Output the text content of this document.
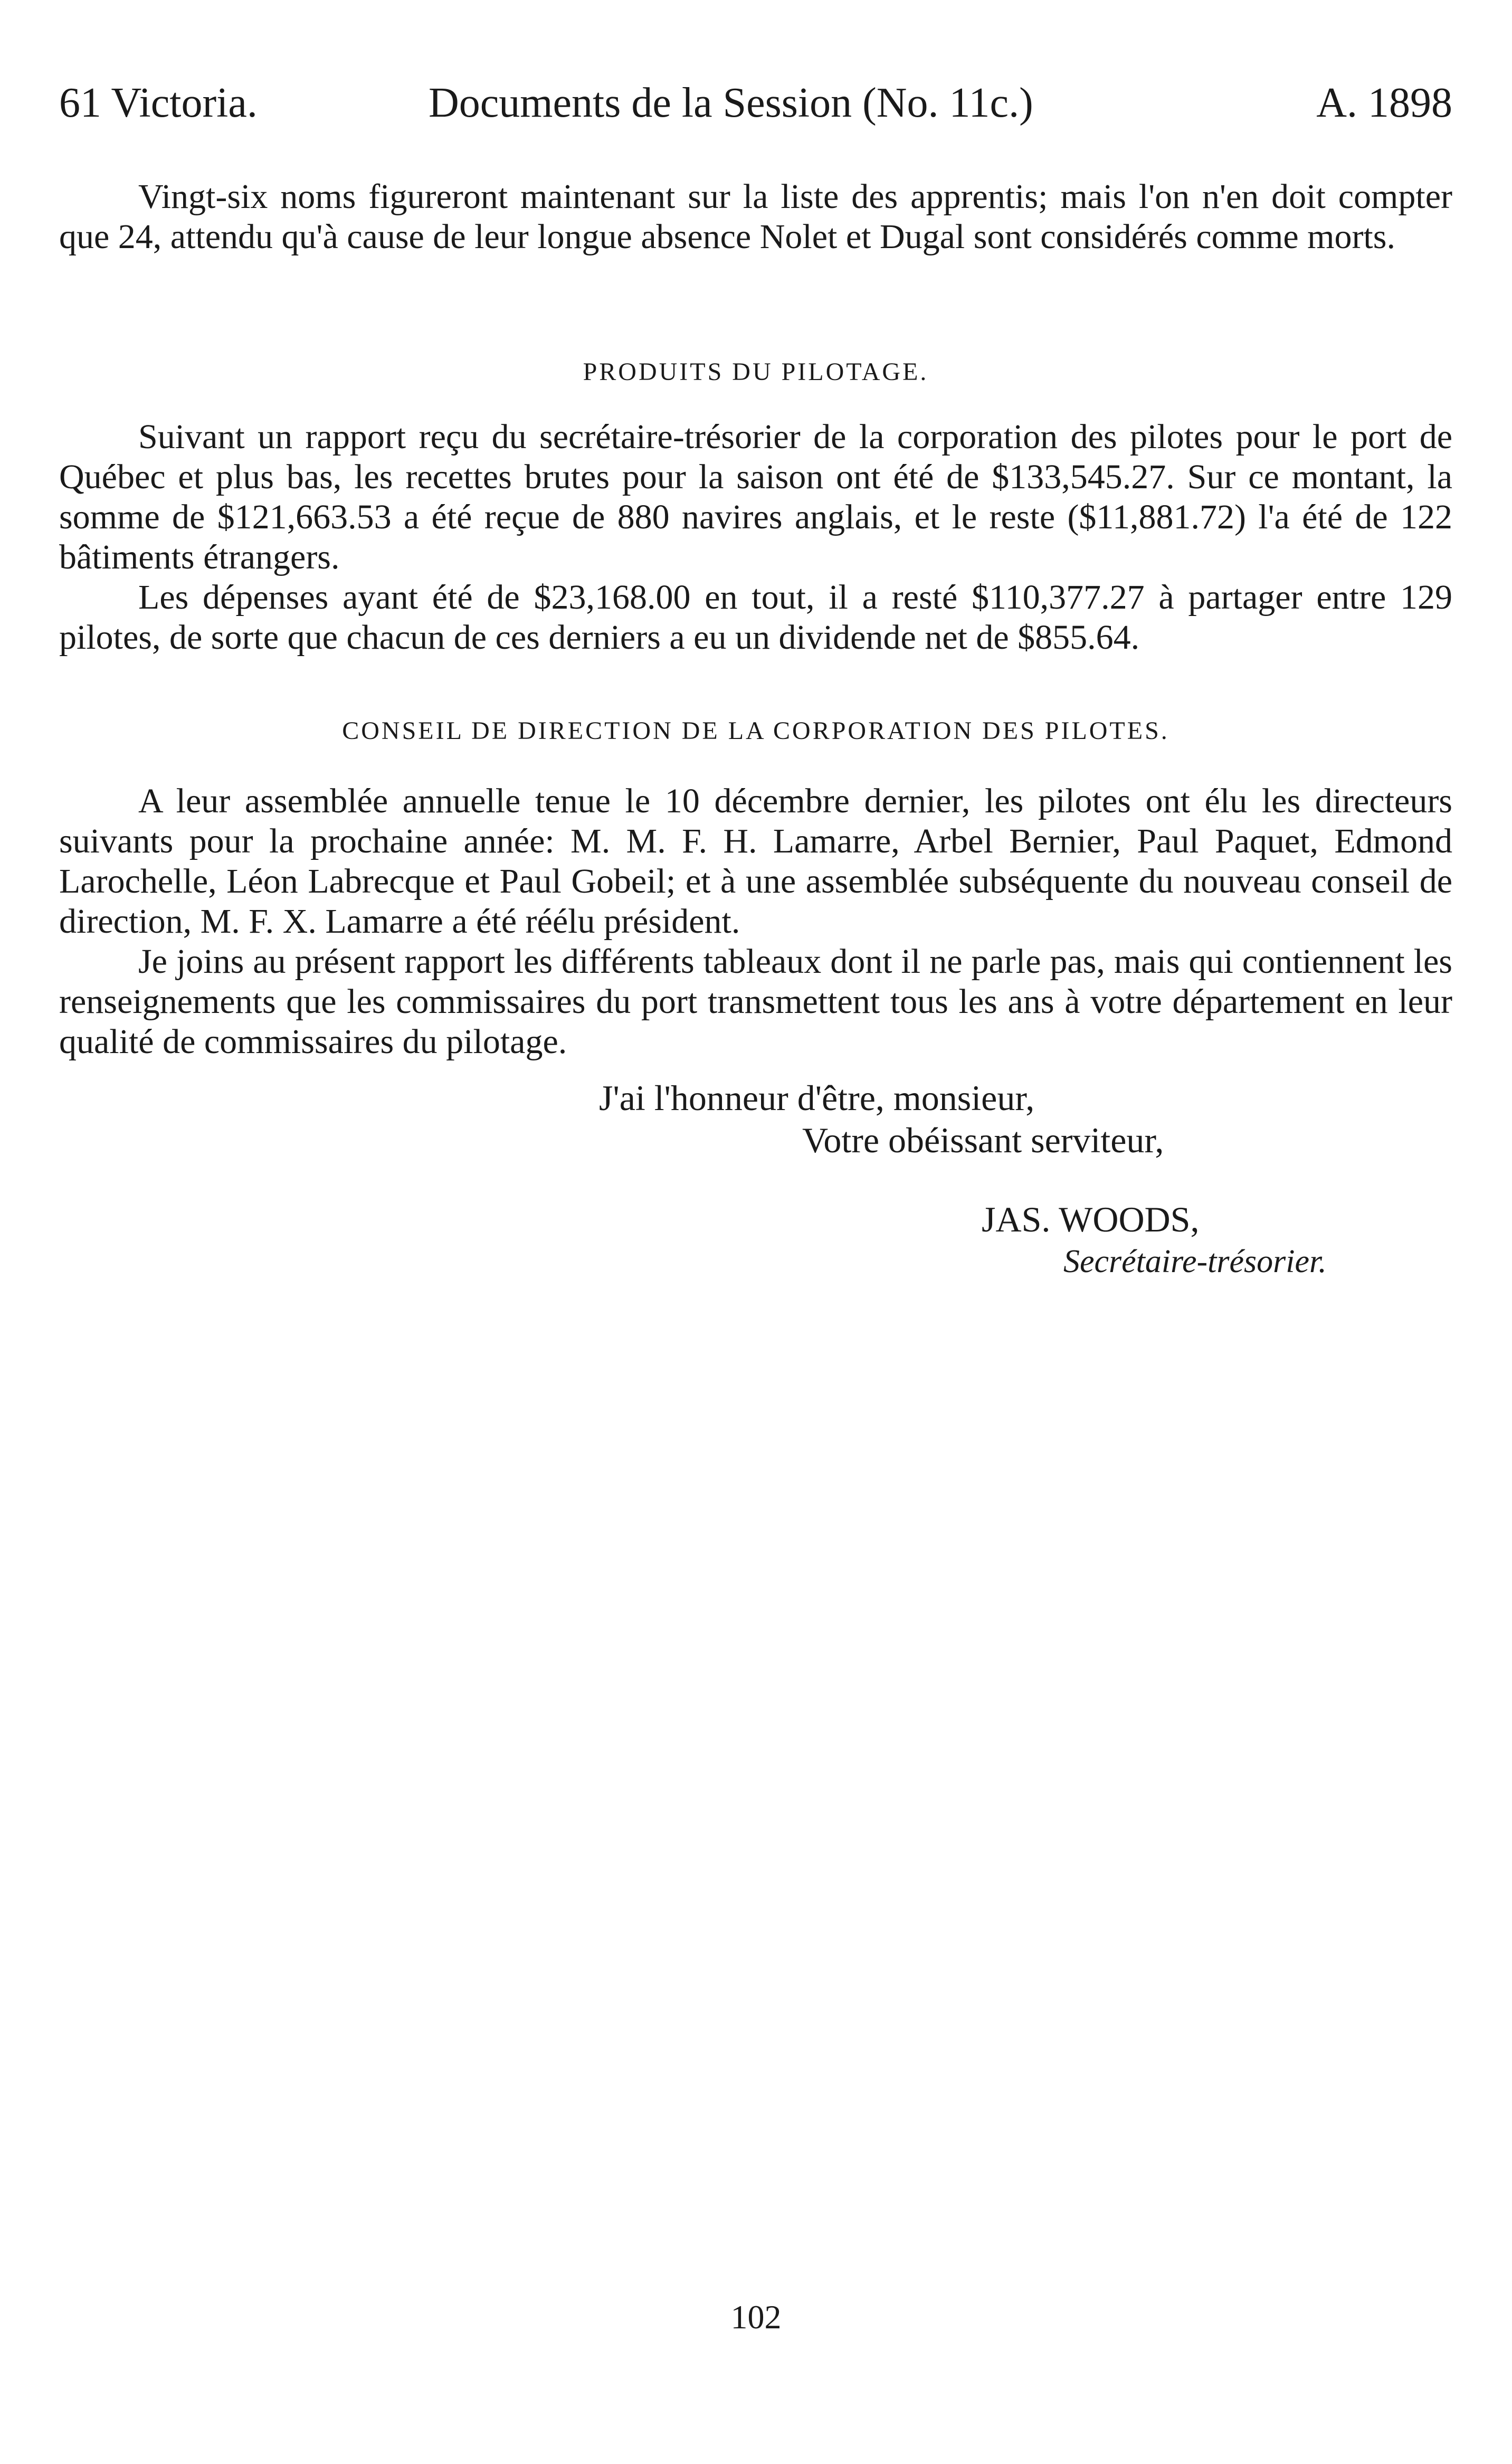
61 Victoria.	Documents de la Session (No. 11c.)	A. 1898

Vingt-six noms figureront maintenant sur la liste des apprentis; mais l'on n'en doit compter que 24, attendu qu'à cause de leur longue absence Nolet et Dugal sont considérés comme morts.

PRODUITS DU PILOTAGE.

Suivant un rapport reçu du secrétaire-trésorier de la corporation des pilotes pour le port de Québec et plus bas, les recettes brutes pour la saison ont été de $133,545.27. Sur ce montant, la somme de $121,663.53 a été reçue de 880 navires anglais, et le reste ($11,881.72) l'a été de 122 bâtiments étrangers.

Les dépenses ayant été de $23,168.00 en tout, il a resté $110,377.27 à partager entre 129 pilotes, de sorte que chacun de ces derniers a eu un dividende net de $855.64.

CONSEIL DE DIRECTION DE LA CORPORATION DES PILOTES.

A leur assemblée annuelle tenue le 10 décembre dernier, les pilotes ont élu les directeurs suivants pour la prochaine année: M. M. F. H. Lamarre, Arbel Bernier, Paul Paquet, Edmond Larochelle, Léon Labrecque et Paul Gobeil; et à une assemblée subséquente du nouveau conseil de direction, M. F. X. Lamarre a été réélu président.

Je joins au présent rapport les différents tableaux dont il ne parle pas, mais qui contiennent les renseignements que les commissaires du port transmettent tous les ans à votre département en leur qualité de commissaires du pilotage.

J'ai l'honneur d'être, monsieur,
Votre obéissant serviteur,
JAS. WOODS,
Secrétaire-trésorier.
102
